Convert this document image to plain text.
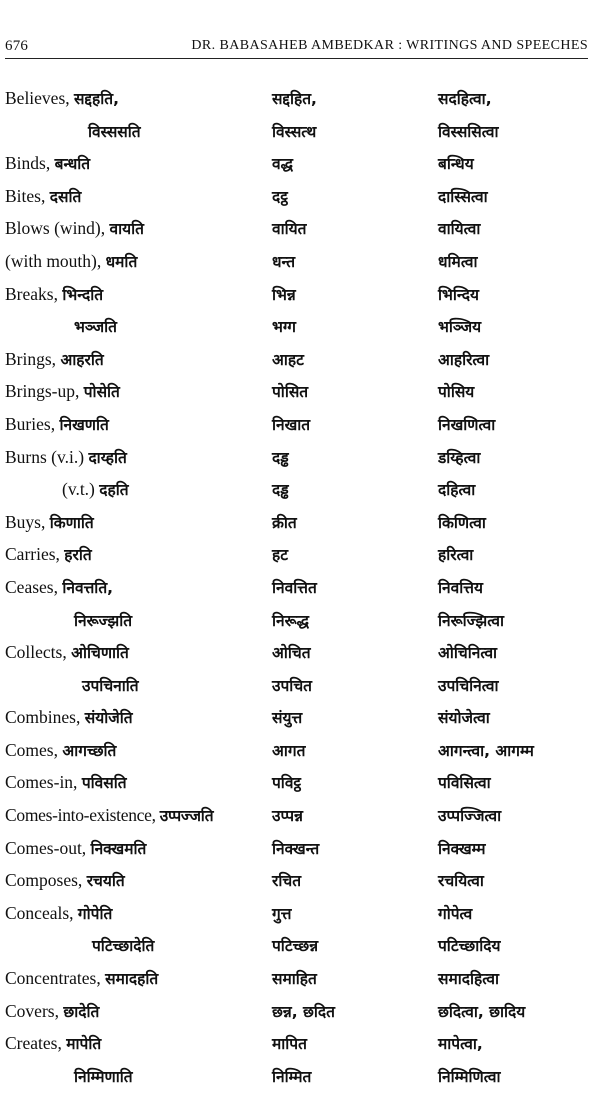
676	DR. BABASAHEB AMBEDKAR : WRITINGS AND SPEECHES
Believes, सद्दहति,	सद्दहित,	सदहित्वा,
विस्ससति	विस्सत्थ	विस्ससित्वा
Binds, बन्धति	वद्ध	बन्धिय
Bites, दसति	दट्ठ	दास्सित्वा
Blows (wind), वायति	वायित	वायित्वा
(with mouth), धमति	धन्त	धमित्वा
Breaks, भिन्दति	भिन्न	भिन्दिय
भञ्जति	भग्ग	भञ्जिय
Brings, आहरति	आहट	आहरित्वा
Brings-up, पोसेति	पोसित	पोसिय
Buries, निखणति	निखात	निखणित्वा
Burns (v.i.) दाय्हति	दड्ढ	डय्हित्वा
(v.t.) दहति	दड्ढ	दहित्वा
Buys, किणाति	क्रीत	किणित्वा
Carries, हरति	हट	हरित्वा
Ceases, निवत्तति,	निवत्तित	निवत्तिय
निरूज्झति	निरूद्ध	निरूज्झित्वा
Collects, ओचिणाति	ओचित	ओचिनित्वा
उपचिनाति	उपचित	उपचिनित्वा
Combines, संयोजेति	संयुत्त	संयोजेत्वा
Comes, आगच्छति	आगत	आगन्त्वा, आगम्म
Comes-in, पविसति	पविट्ठ	पविसित्वा
Comes-into-existence, उप्पज्जति	उप्पन्न	उप्पज्जित्वा
Comes-out, निक्खमति	निक्खन्त	निक्खम्म
Composes, रचयति	रचित	रचयित्वा
Conceals, गोपेति	गुत्त	गोपेत्व
पटिच्छादेति	पटिच्छन्न	पटिच्छादिय
Concentrates, समादहति	समाहित	समादहित्वा
Covers, छादेति	छन्न, छदित	छदित्वा, छादिय
Creates, मापेति	मापित	मापेत्वा,
निम्मिणाति	निम्मित	निम्मिणित्वा
